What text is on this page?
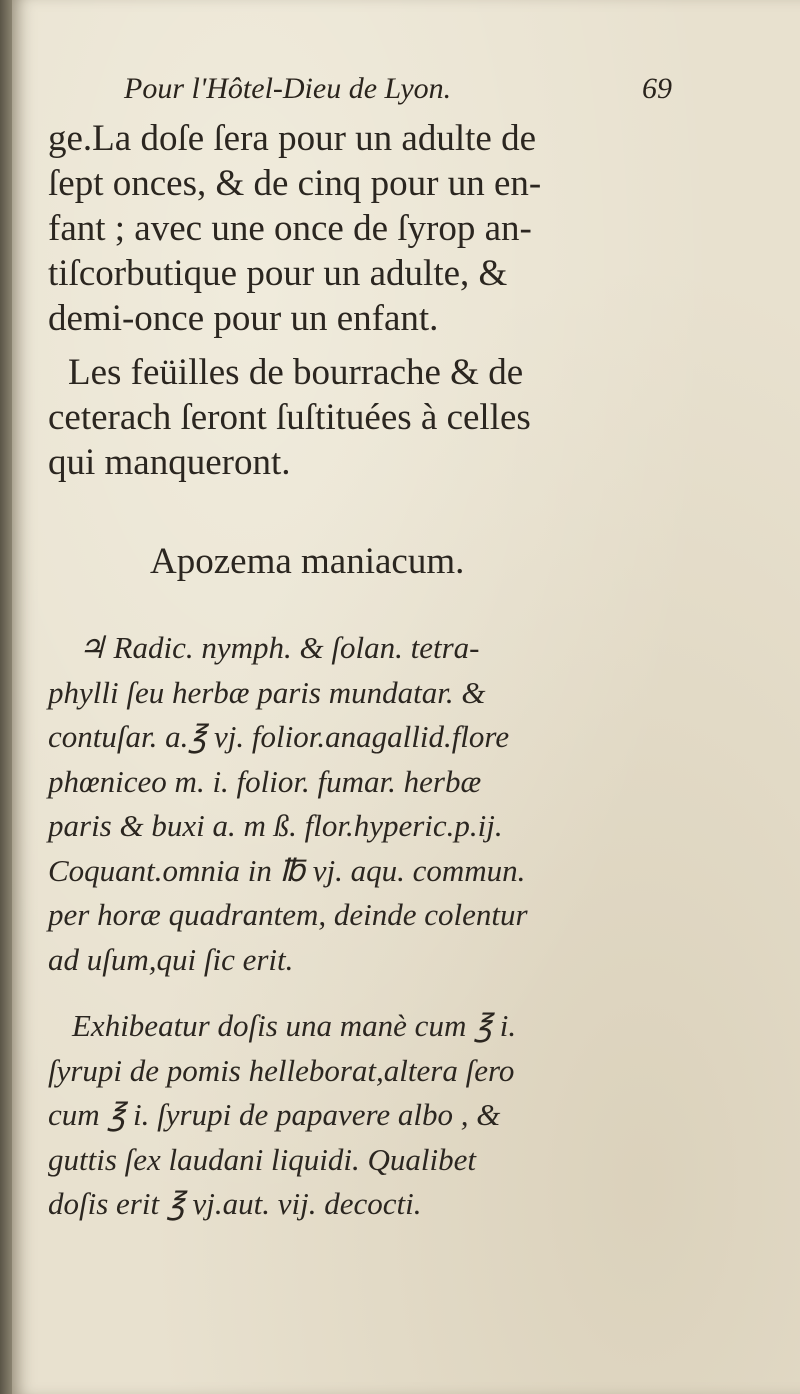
Pour l'Hôtel-Dieu de Lyon.	69
ge.La doſe ſera pour un adulte de
ſept onces, & de cinq pour un en-
fant ; avec une once de ſyrop an-
tiſcorbutique pour un adulte, &
demi-once pour un enfant.
Les feüilles de bourrache & de
ceterach ſeront ſuſtituées à celles
qui manqueront.
Apozema maniacum.
♃ Radic. nymph. & ſolan. tetra-
phylli ſeu herbæ paris mundatar. &
contuſar. a.℥ vj. folior.anagallid.flore
phœniceo m. i. folior. fumar. herbæ
paris & buxi a. m ß. flor.hyperic.p.ij.
Coquant.omnia in ℔ vj. aqu. commun.
per horæ quadrantem, deinde colentur
ad uſum,qui ſic erit.
Exhibeatur doſis una manè cum ℥ i.
ſyrupi de pomis helleborat,altera ſero
cum ℥ i. ſyrupi de papavere albo , &
guttis ſex laudani liquidi. Qualibet
doſis erit ℥ vj.aut. vij. decocti.
